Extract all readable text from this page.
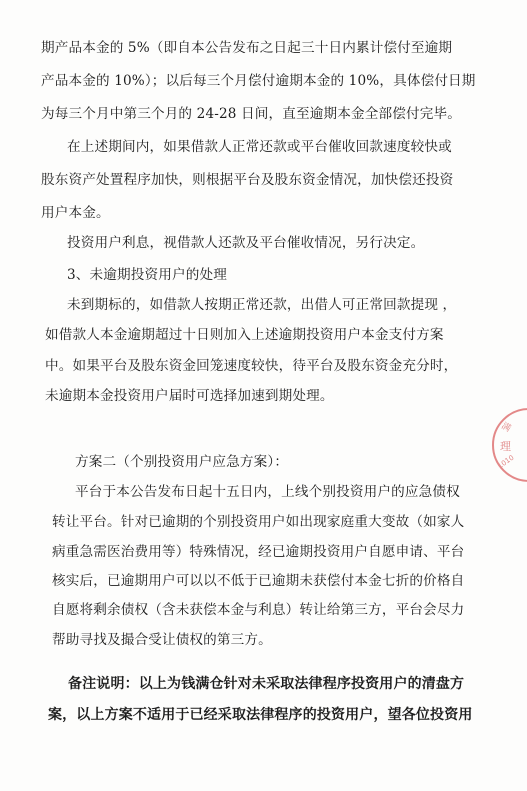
期产品本金的 5%（即自本公告发布之日起三十日内累计偿付至逾期
产品本金的 10%）；以后每三个月偿付逾期本金的 10%，具体偿付日期
为每三个月中第三个月的 24-28 日间，直至逾期本金全部偿付完毕。
在上述期间内，如果借款人正常还款或平台催收回款速度较快或
股东资产处置程序加快，则根据平台及股东资金情况，加快偿还投资
用户本金。
投资用户利息，视借款人还款及平台催收情况，另行决定。
3、未逾期投资用户的处理
未到期标的，如借款人按期正常还款，出借人可正常回款提现 ，
如借款人本金逾期超过十日则加入上述逾期投资用户本金支付方案
中。如果平台及股东资金回笼速度较快，待平台及股东资金充分时，
未逾期本金投资用户届时可选择加速到期处理。
方案二（个别投资用户应急方案）：
平台于本公告发布日起十五日内，上线个别投资用户的应急债权
转让平台。针对已逾期的个别投资用户如出现家庭重大变故（如家人
病重急需医治费用等）特殊情况，经已逾期投资用户自愿申请、平台
核实后，已逾期用户可以以不低于已逾期未获偿付本金七折的价格自
自愿将剩余债权（含未获偿本金与利息）转让给第三方，平台会尽力
帮助寻找及撮合受让债权的第三方。
备注说明：以上为钱满仓针对未采取法律程序投资用户的清盘方
案，以上方案不适用于已经采取法律程序的投资用户，望各位投资用
满
理
1010
